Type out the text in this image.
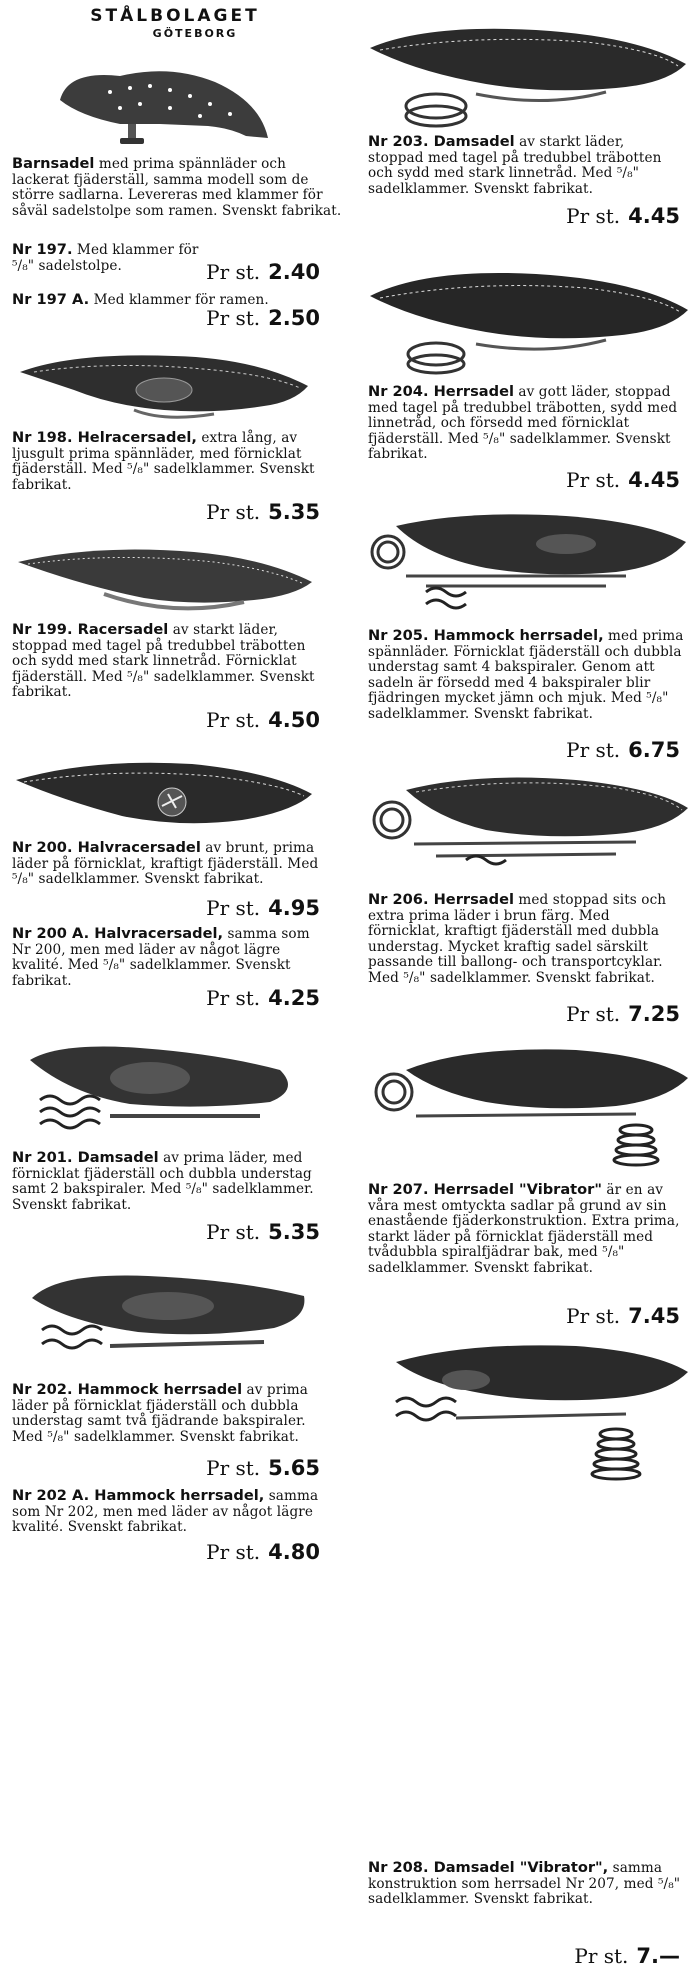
STÅLBOLAGET
GÖTEBORG
Barnsadel med prima spännläder och lackerat fjäderställ, samma modell som de större sadlarna. Levereras med klammer för såväl sadelstolpe som ramen. Svenskt fabrikat.
Nr 197. Med klammer för ⁵/₈" sadelstolpe.	Pr st. 2.40
Nr 197 A. Med klammer för ramen.
Pr st. 2.50
Nr 198. Helracersadel, extra lång, av ljusgult prima spännläder, med förnicklat fjäderställ. Med ⁵/₈" sadelklammer. Svenskt fabrikat.
Pr st. 5.35
Nr 199. Racersadel av starkt läder, stoppad med tagel på tredubbel träbotten och sydd med stark linnetråd. Förnicklat fjäderställ. Med ⁵/₈" sadelklammer. Svenskt fabrikat.
Pr st. 4.50
Nr 200. Halvracersadel av brunt, prima läder på förnicklat, kraftigt fjäderställ. Med ⁵/₈" sadelklammer. Svenskt fabrikat.
Pr st. 4.95
Nr 200 A. Halvracersadel, samma som Nr 200, men med läder av något lägre kvalité. Med ⁵/₈" sadelklammer. Svenskt fabrikat.
Pr st. 4.25
Nr 201. Damsadel av prima läder, med förnicklat fjäderställ och dubbla understag samt 2 bakspiraler. Med ⁵/₈" sadelklammer. Svenskt fabrikat.
Pr st. 5.35
Nr 202. Hammock herrsadel av prima läder på förnicklat fjäderställ och dubbla understag samt två fjädrande bakspiraler. Med ⁵/₈" sadelklammer. Svenskt fabrikat.
Pr st. 5.65
Nr 202 A. Hammock herrsadel, samma som Nr 202, men med läder av något lägre kvalité. Svenskt fabrikat.
Pr st. 4.80
Nr 203. Damsadel av starkt läder, stoppad med tagel på tredubbel träbotten och sydd med stark linnetråd. Med ⁵/₈" sadelklammer. Svenskt fabrikat.
Pr st. 4.45
Nr 204. Herrsadel av gott läder, stoppad med tagel på tredubbel träbotten, sydd med linnetråd, och försedd med förnicklat fjäderställ. Med ⁵/₈" sadelklammer. Svenskt fabrikat.
Pr st. 4.45
Nr 205. Hammock herrsadel, med prima spännläder. Förnicklat fjäderställ och dubbla understag samt 4 bakspiraler. Genom att sadeln är försedd med 4 bakspiraler blir fjädringen mycket jämn och mjuk. Med ⁵/₈" sadelklammer. Svenskt fabrikat.
Pr st. 6.75
Nr 206. Herrsadel med stoppad sits och extra prima läder i brun färg. Med förnicklat, kraftigt fjäderställ med dubbla understag. Mycket kraftig sadel särskilt passande till ballong- och transportcyklar. Med ⁵/₈" sadelklammer. Svenskt fabrikat.
Pr st. 7.25
Nr 207. Herrsadel "Vibrator" är en av våra mest omtyckta sadlar på grund av sin enastående fjäderkonstruktion. Extra prima, starkt läder på förnicklat fjäderställ med tvådubbla spiralfjädrar bak, med ⁵/₈" sadelklammer. Svenskt fabrikat.
Pr st. 7.45
Nr 208. Damsadel "Vibrator", samma konstruktion som herrsadel Nr 207, med ⁵/₈" sadelklammer. Svenskt fabrikat.
Pr st. 7.—
